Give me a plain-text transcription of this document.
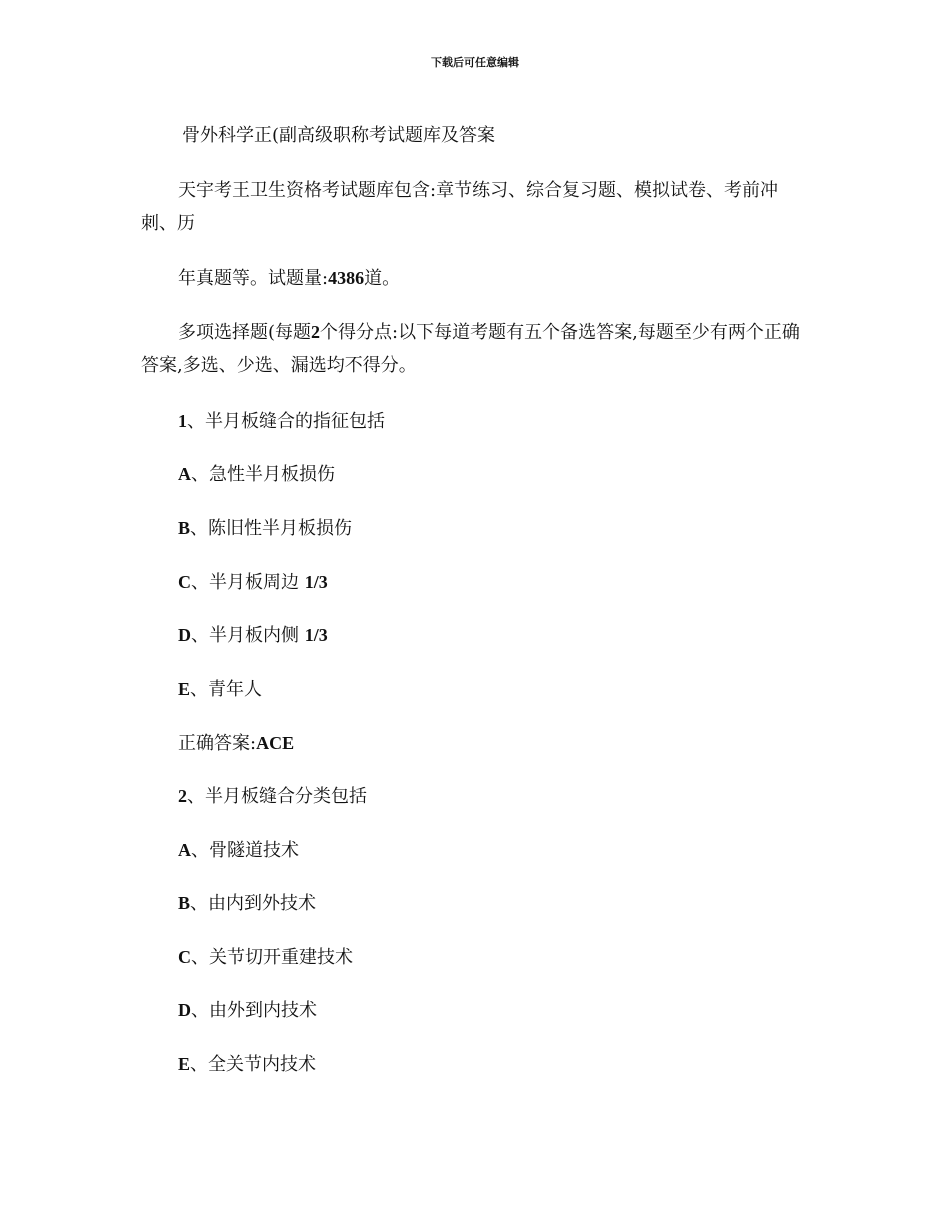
下载后可任意编辑

骨外科学正(副高级职称考试题库及答案

天宇考王卫生资格考试题库包含:章节练习、综合复习题、模拟试卷、考前冲刺、历

年真题等。试题量:4386道。

多项选择题(每题2个得分点:以下每道考题有五个备选答案,每题至少有两个正确答案,多选、少选、漏选均不得分。

1、半月板缝合的指征包括

A、急性半月板损伤

B、陈旧性半月板损伤

C、半月板周边 1/3

D、半月板内侧 1/3

E、青年人

正确答案:ACE

2、半月板缝合分类包括

A、骨隧道技术

B、由内到外技术

C、关节切开重建技术

D、由外到内技术

E、全关节内技术
